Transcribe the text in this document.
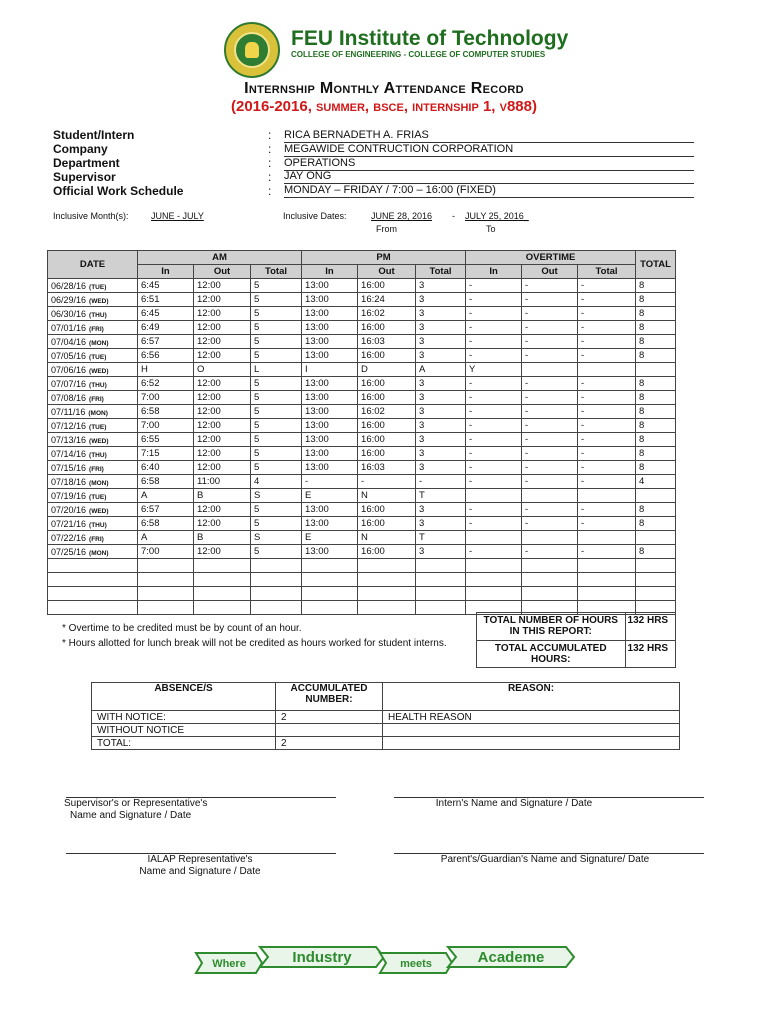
FEU Institute of Technology
COLLEGE OF ENGINEERING - COLLEGE OF COMPUTER STUDIES
Internship Monthly Attendance Record
(2016-2016, summer, bsce, internship 1, v888)
Student/Intern	: RICA BERNADETH A. FRIAS
Company	: MEGAWIDE CONTRUCTION CORPORATION
Department	: OPERATIONS
Supervisor	: JAY ONG
Official Work Schedule	: MONDAY – FRIDAY / 7:00 – 16:00 (FIXED)
Inclusive Month(s): JUNE - JULY	Inclusive Dates:	JUNE 28, 2016 - JULY 25, 2016_
From	To
DATE	AM			PM			OVERTIME			TOTAL
	In	Out	Total	In	Out	Total	In	Out	Total	
06/28/16 (TUE)	6:45	12:00	5	13:00	16:00	3	-	-	-	8
06/29/16 (WED)	6:51	12:00	5	13:00	16:24	3	-	-	-	8
06/30/16 (THU)	6:45	12:00	5	13:00	16:02	3	-	-	-	8
07/01/16 (FRI)	6:49	12:00	5	13:00	16:00	3	-	-	-	8
07/04/16 (MON)	6:57	12:00	5	13:00	16:03	3	-	-	-	8
07/05/16 (TUE)	6:56	12:00	5	13:00	16:00	3	-	-	-	8
07/06/16 (WED)	H	O	L	I	D	A	Y			
07/07/16 (THU)	6:52	12:00	5	13:00	16:00	3	-	-	-	8
07/08/16 (FRI)	7:00	12:00	5	13:00	16:00	3	-	-	-	8
07/11/16 (MON)	6:58	12:00	5	13:00	16:02	3	-	-	-	8
07/12/16 (TUE)	7:00	12:00	5	13:00	16:00	3	-	-	-	8
07/13/16 (WED)	6:55	12:00	5	13:00	16:00	3	-	-	-	8
07/14/16 (THU)	7:15	12:00	5	13:00	16:00	3	-	-	-	8
07/15/16 (FRI)	6:40	12:00	5	13:00	16:03	3	-	-	-	8
07/18/16 (MON)	6:58	11:00	4	-	-	-	-	-	-	4
07/19/16 (TUE)	A	B	S	E	N	T				
07/20/16 (WED)	6:57	12:00	5	13:00	16:00	3	-	-	-	8
07/21/16 (THU)	6:58	12:00	5	13:00	16:00	3	-	-	-	8
07/22/16 (FRI)	A	B	S	E	N	T				
07/25/16 (MON)	7:00	12:00	5	13:00	16:00	3	-	-	-	8

* Overtime to be credited must be by count of an hour.
* Hours allotted for lunch break will not be credited as hours worked for student interns.
TOTAL NUMBER OF HOURS IN THIS REPORT:	132 HRS
TOTAL ACCUMULATED HOURS:	132 HRS
ABSENCE/S	ACCUMULATED NUMBER:	REASON:
WITH NOTICE:	2	HEALTH REASON
WITHOUT NOTICE		
TOTAL:	2	
Supervisor's or Representative's
Name and Signature / Date
Intern's Name and Signature / Date
IALAP Representative's
Name and Signature / Date
Parent's/Guardian's Name and Signature/ Date
Where	Industry	meets	Academe
